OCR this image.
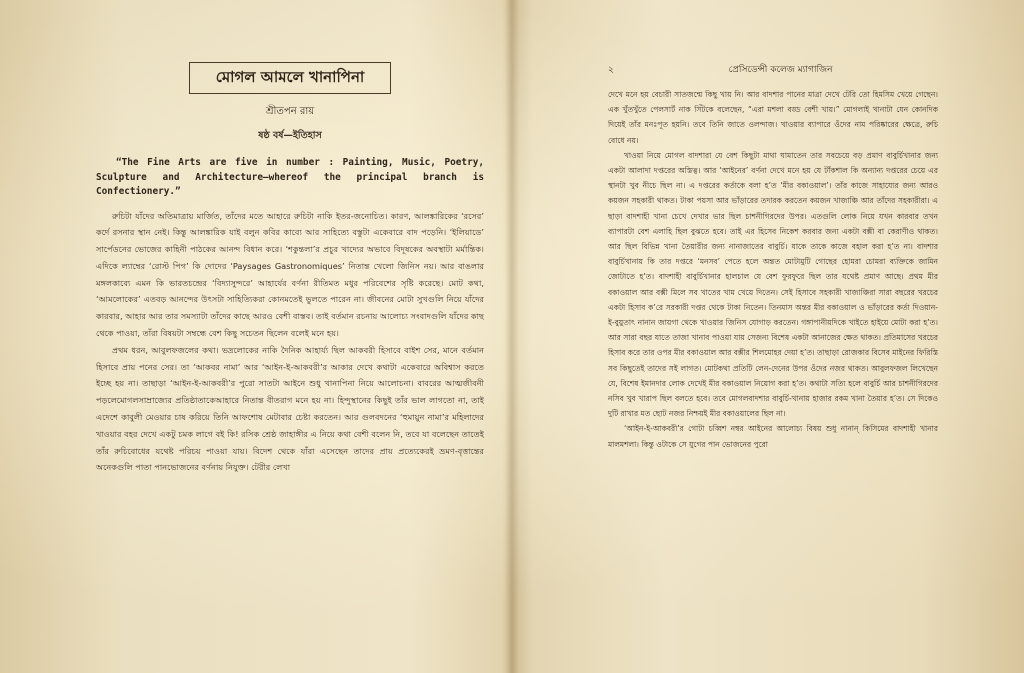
মোগল আমলে খানাপিনা
শ্রীতপন রায়
ষষ্ঠ বর্ষ—ইতিহাস
“The Fine Arts are five in number : Painting, Music, Poetry, Sculpture and Architecture—whereof the principal branch is Confectionery.”

রুচিটা যাঁদের অতিমাত্রায় মার্জিত, তাঁদের মতে আহারে রুচিটা নাকি ইতর-জনোচিত। কারণ, আলঙ্কারিকের ‘রসের’ কর্দে রসনার স্থান নেই। কিন্তু আলঙ্কারিক যাই বলুন কবির কাব্যে আর সাহিত্যে বস্তুটা একেবারে বাদ পড়েনি। ‘ইলিয়াডে’ সার্পেডনের ভোজের কাহিনী পাঠকের আনন্দ বিধান করে। ‘শকুন্তলা’র প্রচুর খাদ্যের অভাবে বিদূষকের অবস্থাটা মর্মান্তিক। এদিকে ল্যাম্বের ‘রোস্ট পিগ’ কি দোদের ‘Paysages Gastronomiques’ নিতান্ত খেলো জিনিস নয়। আর বাঙলার মঙ্গলকাব্যে এমন কি ভারতচন্দ্রের ‘বিদ্যাসুন্দরে’ আহার্যের বর্ণনা রীতিমত মধুর পরিবেশের সৃষ্টি করেছে। মোট কথা, ‘আমলোকের’ এতবড় আনন্দের উৎসটা সাহিত্যিকরা কোনমতেই ভুলতে পারেন না। জীবনের মোটা সুখগুলি নিয়ে যাঁদের কারবার, আহার আর তার সমস্যাটা তাঁদের কাছে আরও বেশী বাস্তব। তাই বর্তমান রচনায় আলোচ্য সংবাদগুলি যাঁদের কাছ থেকে পাওয়া, তাঁরা বিষয়টা সম্বন্ধে বেশ কিছু সচেতন ছিলেন বলেই মনে হয়।

প্রথম ধরন, আবুলফজলের কথা। ভদ্রলোকের নাকি দৈনিক আহার্য্য ছিল আকবরী হিসাবে বাইশ সের, মানে বর্তমান হিসাবে প্রায় পনের সের। তা ‘আকবর নামা’ আর ‘আইন-ই-আকবরী’র আকার দেখে কথাটা একেবারে অবিশ্বাস করতে ইচ্ছে হয় না। তাছাড়া ‘আইন-ই-আকবরী’র পুরো সাতটা আইনে শুধু খানাপিনা নিয়ে আলোচনা। বাবরের আত্মজীবনী পড়লেমোগলসাম্রাজ্যের প্রতিষ্ঠাতাকেআহারে নিতান্ত বীতরাগ মনে হয় না। হিন্দুস্থানের কিছুই তাঁর ভাল লাগতো না, তাই এদেশে কাবুলী মেওয়ার চাষ করিয়ে তিনি আফশোষ মেটাবার চেষ্টা করতেন। আর গুলবদনের ‘হুমায়ুন নামা’র মহিলাদের খাওয়ার বহর দেখে একটু চমক লাগে বই কি! রসিক শ্রেষ্ঠ জাহাঙ্গীর এ নিয়ে কথা বেশী বলেন নি, তবে যা বলেছেন তাতেই তাঁর রুচিবোধের যথেষ্ট পরিচয় পাওয়া যায়। বিদেশ থেকে যাঁরা এসেছেন তাদের প্রায় প্রত্যেকেরই ভ্রমণ-বৃত্তান্তের অনেকগুলি পাতা পানভোজনের বর্ণনায় নিযুক্ত। টেরীর লেখা

২	প্রেসিডেন্সী কলেজ ম্যাগাজিন

দেখে মনে হয় বেচারী সাতজন্মে কিছু খায় নি। আর বাদশার পানের মাত্রা দেখে টেরি তো হিমসিম খেয়ে গেছেন। এক খুঁতখুঁতে পেলসার্ট নাক সিঁটকে বলেছেন, “এরা মশলা বড্ড বেশী খায়।” মোগলাই খানাটা যেন কোনদিক দিয়েই তাঁর মনঃপূত হয়নি। তবে তিনি জাতে ওলন্দাজ। খাওয়ার ব্যাপারে ওঁদের নাম পরিষ্কারের ক্ষেত্রে, রুচি বোধে নয়।

খাওয়া নিয়ে মোগল বাদশারা যে বেশ কিছুটা মাথা ঘামাতেন তার সবচেয়ে বড় প্রমাণ বাবুর্চিখানার জন্য একটা আলাদা দপ্তরের অস্তিত্ব। আর ‘আইনের’ বর্ণনা দেখে মনে হয় যে টাঁকশাল কি অন্যান্য দপ্তরের চেয়ে এর স্থানটা খুব নীচে ছিল না। এ দপ্তরের কর্তাকে বলা হ’ত ‘মীর বকাওয়াল’। তাঁর কাজে সাহায্যের জন্য আরও কয়জন সহকারী থাকত। টাকা পয়সা আর ভাঁড়ারের তদারক করতেন কয়জন খাজাঞ্চি আর তাঁদের সহকারীরা। এ ছাড়া বাদশাহী খানা চেখে দেখার ভার ছিল চাশনীগিরদের উপর। এতগুলি লোক নিয়ে যখন কারবার তখন ব্যাপারটা বেশ এলাহি ছিল বুঝতে হবে। তাই এর হিসেব নিকেশ করবার জন্য একটা বক্সী বা কেরাণীও থাকত। আর ছিল বিভিন্ন খানা তৈয়ারীর জন্য নানাজাতের বাবুর্চি। যাকে তাকে কাজে বহাল করা হ’ত না। বাদশার বাবুর্চিখানায় কি তার দপ্তরে ‘মনসব’ পেতে হলে অন্তত মোটামুটি গোছের হোমরা চোমরা ব্যক্তিকে জামিন জোটাতে হ’ত। বাদশাহী বাবুর্চিখানার হালচাল যে বেশ ফুরফুরে ছিল তার যথেষ্ট প্রমাণ আছে। প্রথম মীর বকাওয়াল আর বক্সী মিলে সব খাতের খাম খেয়ে দিতেন। সেই হিসাবে সহকারী খাজাঞ্চিরা সারা বছরের খরচের একটা হিসাব ক’রে সরকারী দপ্তর থেকে টাকা নিতেন। তিনমাস অন্তর মীর বকাওয়াল ও ভাঁড়ারের কর্তা দিওয়ান-ই-বুয়ুতাৎ নানান জায়গা থেকে খাওয়ার জিনিস যোগাড় করতেন। গঙ্গাপানীয়দিকে খাইতে হাইয়ে মোটা করা হ’ত। আর সারা বছর যাতে তাজা খানাব পাওয়া যায় সেজন্য বিশেষ একটা আনাজের ক্ষেত থাকত। প্রতিমাসের খরচের হিসাব করে তার ওপর মীর বকাওয়াল আর বক্সীর শিলমোহর দেয়া হ’ত। তাছাড়া রোজকার বিসেব মাইনের ফিরিস্তি সব কিছুতেই তাদের সই লাগত। মোটকথা প্রতিটি লেন-দেনের উপর ওঁদের নজর থাকত। আবুলফজল লিখেছেন যে, বিশেষ ইমানদার লোক দেখেই মীর বকাওয়াল নিয়োগ করা হ’ত। কথাটা সত্যি হলে বাবুর্চি আর চাশনীগিরদের নসিব খুব খারাপ ছিল বলতে হবে। তবে মোগলবাদশার বাবুর্চি-খানায় হাজার রকম খানা তৈয়ার হ’ত। সে দিকেও দুটি রাখার মত ছোট নজর নিশ্চয়ই মীর বকাওয়ালের ছিল না।

‘আইন-ই-আকবরী’র গোটা চব্বিশ নম্বর আইনের আলোচ্য বিষয় শুধু নানান্ কিসিমের বাদশাহী খানার মালমশলা। কিন্তু ওটাকে সে যুগের পান ভোজনের পুরো
